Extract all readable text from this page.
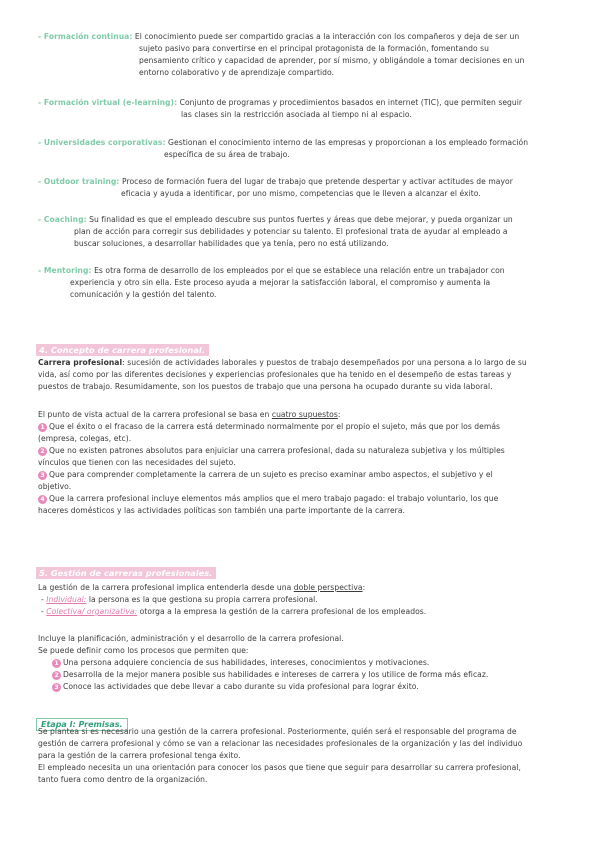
- Formación continua: El conocimiento puede ser compartido gracias a la interacción con los compañeros y deja de ser un
sujeto pasivo para convertirse en el principal protagonista de la formación, fomentando su
pensamiento crítico y capacidad de aprender, por sí mismo, y obligándole a tomar decisiones en un
entorno colaborativo y de aprendizaje compartido.
- Formación virtual (e-learning): Conjunto de programas y procedimientos basados en internet (TIC), que permiten seguir
las clases sin la restricción asociada al tiempo ni al espacio.
- Universidades corporativas: Gestionan el conocimiento interno de las empresas y proporcionan a los empleado formación
específica de su área de trabajo.
- Outdoor training: Proceso de formación fuera del lugar de trabajo que pretende despertar y activar actitudes de mayor
eficacia y ayuda a identificar, por uno mismo, competencias que le lleven a alcanzar el éxito.
- Coaching: Su finalidad es que el empleado descubre sus puntos fuertes y áreas que debe mejorar, y pueda organizar un
plan de acción para corregir sus debilidades y potenciar su talento. El profesional trata de ayudar al empleado a
buscar soluciones, a desarrollar habilidades que ya tenía, pero no está utilizando.
- Mentoring: Es otra forma de desarrollo de los empleados por el que se establece una relación entre un trabajador con
experiencia y otro sin ella. Este proceso ayuda a mejorar la satisfacción laboral, el compromiso y aumenta la
comunicación y la gestión del talento.
4. Concepto de carrera profesional.
Carrera profesional: sucesión de actividades laborales y puestos de trabajo desempeñados por una persona a lo largo de su
vida, así como por las diferentes decisiones y experiencias profesionales que ha tenido en el desempeño de estas tareas y
puestos de trabajo. Resumidamente, son los puestos de trabajo que una persona ha ocupado durante su vida laboral.
El punto de vista actual de la carrera profesional se basa en cuatro supuestos:
1 Que el éxito o el fracaso de la carrera está determinado normalmente por el propio el sujeto, más que por los demás
(empresa, colegas, etc).
2 Que no existen patrones absolutos para enjuiciar una carrera profesional, dada su naturaleza subjetiva y los múltiples
vínculos que tienen con las necesidades del sujeto.
3 Que para comprender completamente la carrera de un sujeto es preciso examinar ambo aspectos, el subjetivo y el
objetivo.
4 Que la carrera profesional incluye elementos más amplios que el mero trabajo pagado: el trabajo voluntario, los que
haceres domésticos y las actividades políticas son también una parte importante de la carrera.
5. Gestión de carreras profesionales.
La gestión de la carrera profesional implica entenderla desde una doble perspectiva:
- Individual: la persona es la que gestiona su propia carrera profesional.
- Colectiva/ organizativa: otorga a la empresa la gestión de la carrera profesional de los empleados.
Incluye la planificación, administración y el desarrollo de la carrera profesional.
Se puede definir como los procesos que permiten que:
1 Una persona adquiere conciencia de sus habilidades, intereses, conocimientos y motivaciones.
2 Desarrolla de la mejor manera posible sus habilidades e intereses de carrera y los utilice de forma más eficaz.
3 Conoce las actividades que debe llevar a cabo durante su vida profesional para lograr éxito.
Etapa I: Premisas.
Se plantea si es necesario una gestión de la carrera profesional. Posteriormente, quién será el responsable del programa de
gestión de carrera profesional y cómo se van a relacionar las necesidades profesionales de la organización y las del individuo
para la gestión de la carrera profesional tenga éxito.
El empleado necesita un una orientación para conocer los pasos que tiene que seguir para desarrollar su carrera profesional,
tanto fuera como dentro de la organización.
